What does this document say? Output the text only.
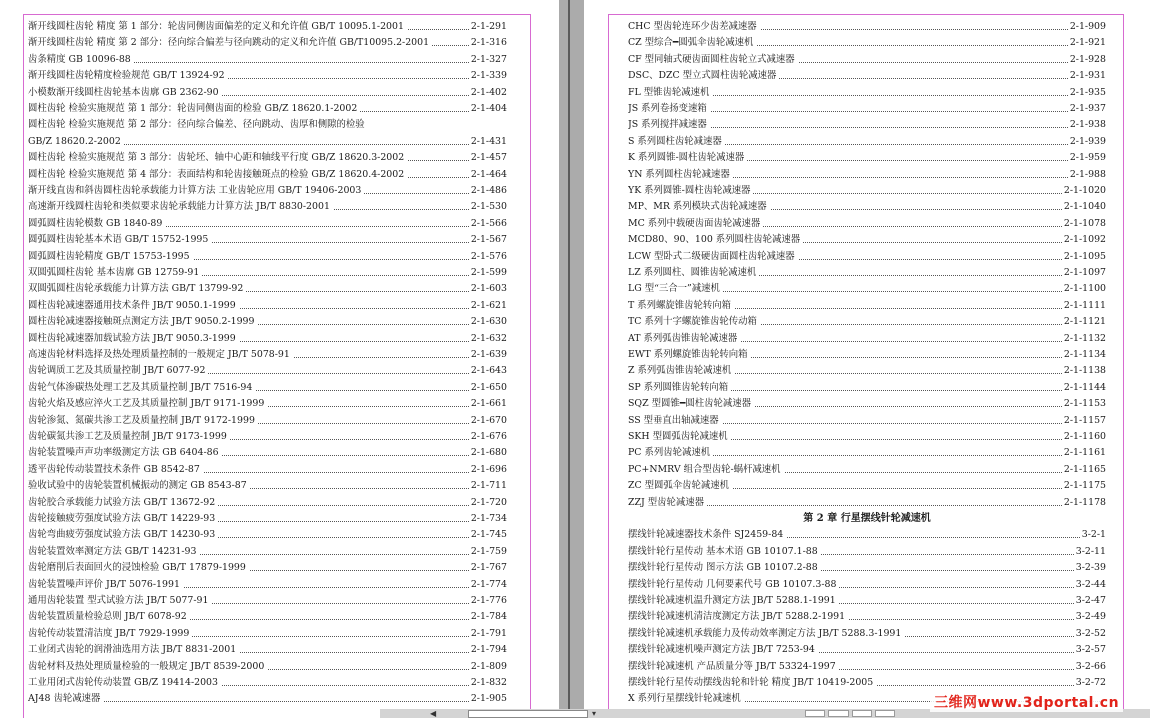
渐开线圆柱齿轮 精度 第 1 部分：轮齿同侧齿面偏差的定义和允许值 GB/T 10095.1-2001	2-1-291
渐开线圆柱齿轮 精度 第 2 部分：径向综合偏差与径向跳动的定义和允许值 GB/T10095.2-2001	2-1-316
齿条精度 GB 10096-88	2-1-327
渐开线圆柱齿轮精度检验规范 GB/T 13924-92	2-1-339
小模数渐开线圆柱齿轮基本齿廓 GB 2362-90	2-1-402
圆柱齿轮 检验实施规范 第 1 部分：轮齿同侧齿面的检验 GB/Z 18620.1-2002	2-1-404
圆柱齿轮 检验实施规范 第 2 部分：径向综合偏差、径向跳动、齿厚和侧隙的检验
GB/Z 18620.2-2002	2-1-431
圆柱齿轮 检验实施规范 第 3 部分：齿轮坯、轴中心距和轴线平行度 GB/Z 18620.3-2002	2-1-457
圆柱齿轮 检验实施规范 第 4 部分：表面结构和轮齿接触斑点的检验 GB/Z 18620.4-2002	2-1-464
渐开线直齿和斜齿圆柱齿轮承载能力计算方法 工业齿轮应用 GB/T 19406-2003	2-1-486
高速渐开线圆柱齿轮和类似要求齿轮承载能力计算方法 JB/T 8830-2001	2-1-530
圆弧圆柱齿轮模数 GB 1840-89	2-1-566
圆弧圆柱齿轮基本术语 GB/T 15752-1995	2-1-567
圆弧圆柱齿轮精度 GB/T 15753-1995	2-1-576
双圆弧圆柱齿轮 基本齿廓 GB 12759-91	2-1-599
双圆弧圆柱齿轮承载能力计算方法 GB/T 13799-92	2-1-603
圆柱齿轮减速器通用技术条件 JB/T 9050.1-1999	2-1-621
圆柱齿轮减速器接触斑点测定方法 JB/T 9050.2-1999	2-1-630
圆柱齿轮减速器加载试验方法 JB/T 9050.3-1999	2-1-632
高速齿轮材料选择及热处理质量控制的一般规定 JB/T 5078-91	2-1-639
齿轮调质工艺及其质量控制 JB/T 6077-92	2-1-643
齿轮气体渗碳热处理工艺及其质量控制 JB/T 7516-94	2-1-650
齿轮火焰及感应淬火工艺及其质量控制 JB/T 9171-1999	2-1-661
齿轮渗氮、氮碳共渗工艺及质量控制 JB/T 9172-1999	2-1-670
齿轮碳氮共渗工艺及质量控制 JB/T 9173-1999	2-1-676
齿轮装置噪声声功率级测定方法 GB 6404-86	2-1-680
透平齿轮传动装置技术条件 GB 8542-87	2-1-696
验收试验中的齿轮装置机械振动的测定 GB 8543-87	2-1-711
齿轮胶合承载能力试验方法 GB/T 13672-92	2-1-720
齿轮接触疲劳强度试验方法 GB/T 14229-93	2-1-734
齿轮弯曲疲劳强度试验方法 GB/T 14230-93	2-1-745
齿轮装置效率测定方法 GB/T 14231-93	2-1-759
齿轮磨削后表面回火的浸蚀检验 GB/T 17879-1999	2-1-767
齿轮装置噪声评价 JB/T 5076-1991	2-1-774
通用齿轮装置 型式试验方法 JB/T 5077-91	2-1-776
齿轮装置质量检验总则 JB/T 6078-92	2-1-784
齿轮传动装置清洁度 JB/T 7929-1999	2-1-791
工业闭式齿轮的润滑油选用方法 JB/T 8831-2001	2-1-794
齿轮材料及热处理质量检验的一般规定 JB/T 8539-2000	2-1-809
工业用闭式齿轮传动装置 GB/Z 19414-2003	2-1-832
AJ48 齿轮减速器	2-1-905
CHC 型齿轮连环少齿差减速器	2-1-909
CZ 型综合━圆弧伞齿轮减速机	2-1-921
CF 型同轴式硬齿面圆柱齿轮立式减速器	2-1-928
DSC、DZC 型立式圆柱齿轮减速器	2-1-931
FL 型锥齿轮减速机	2-1-935
JS 系列卷扬变速箱	2-1-937
JS 系列搅拌减速器	2-1-938
S 系列圆柱齿轮减速器	2-1-939
K 系列圆锥-圆柱齿轮减速器	2-1-959
YN 系列圆柱齿轮减速器	2-1-988
YK 系列圆锥-圆柱齿轮减速器	2-1-1020
MP、MR 系列模块式齿轮减速器	2-1-1040
MC 系列中载硬齿面齿轮减速器	2-1-1078
MCD80、90、100 系列圆柱齿轮减速器	2-1-1092
LCW 型卧式二级硬齿面圆柱齿轮减速器	2-1-1095
LZ 系列圆柱、圆锥齿轮减速机	2-1-1097
LG 型“三合一”减速机	2-1-1100
T 系列螺旋锥齿轮转向箱	2-1-1111
TC 系列十字螺旋锥齿轮传动箱	2-1-1121
AT 系列弧齿锥齿轮减速器	2-1-1132
EWT 系列螺旋锥齿轮转向箱	2-1-1134
Z 系列弧齿锥齿轮减速机	2-1-1138
SP 系列圆锥齿轮转向箱	2-1-1144
SQZ 型圆锥━圆柱齿轮减速器	2-1-1153
SS 型垂直出轴减速器	2-1-1157
SKH 型圆弧齿轮减速机	2-1-1160
PC 系列齿轮减速机	2-1-1161
PC+NMRV 组合型齿轮-蜗杆减速机	2-1-1165
ZC 型圆弧伞齿轮减速机	2-1-1175
ZZJ 型齿轮减速器	2-1-1178
第 2 章 行星摆线针轮减速机
摆线针轮减速器技术条件 SJ2459-84	3-2-1
摆线针轮行星传动 基本术语 GB 10107.1-88	3-2-11
摆线针轮行星传动 图示方法 GB 10107.2-88	3-2-39
摆线针轮行星传动 几何要素代号 GB 10107.3-88	3-2-44
摆线针轮减速机温升测定方法 JB/T 5288.1-1991	3-2-47
摆线针轮减速机清洁度测定方法 JB/T 5288.2-1991	3-2-49
摆线针轮减速机承载能力及传动效率测定方法 JB/T 5288.3-1991	3-2-52
摆线针轮减速机噪声测定方法 JB/T 7253-94	3-2-57
摆线针轮减速机 产品质量分等 JB/T 53324-1997	3-2-66
摆线针轮行星传动摆线齿轮和针轮 精度 JB/T 10419-2005	3-2-72
X 系列行星摆线针轮减速机
◀	▾
三维网www.3dportal.cn
